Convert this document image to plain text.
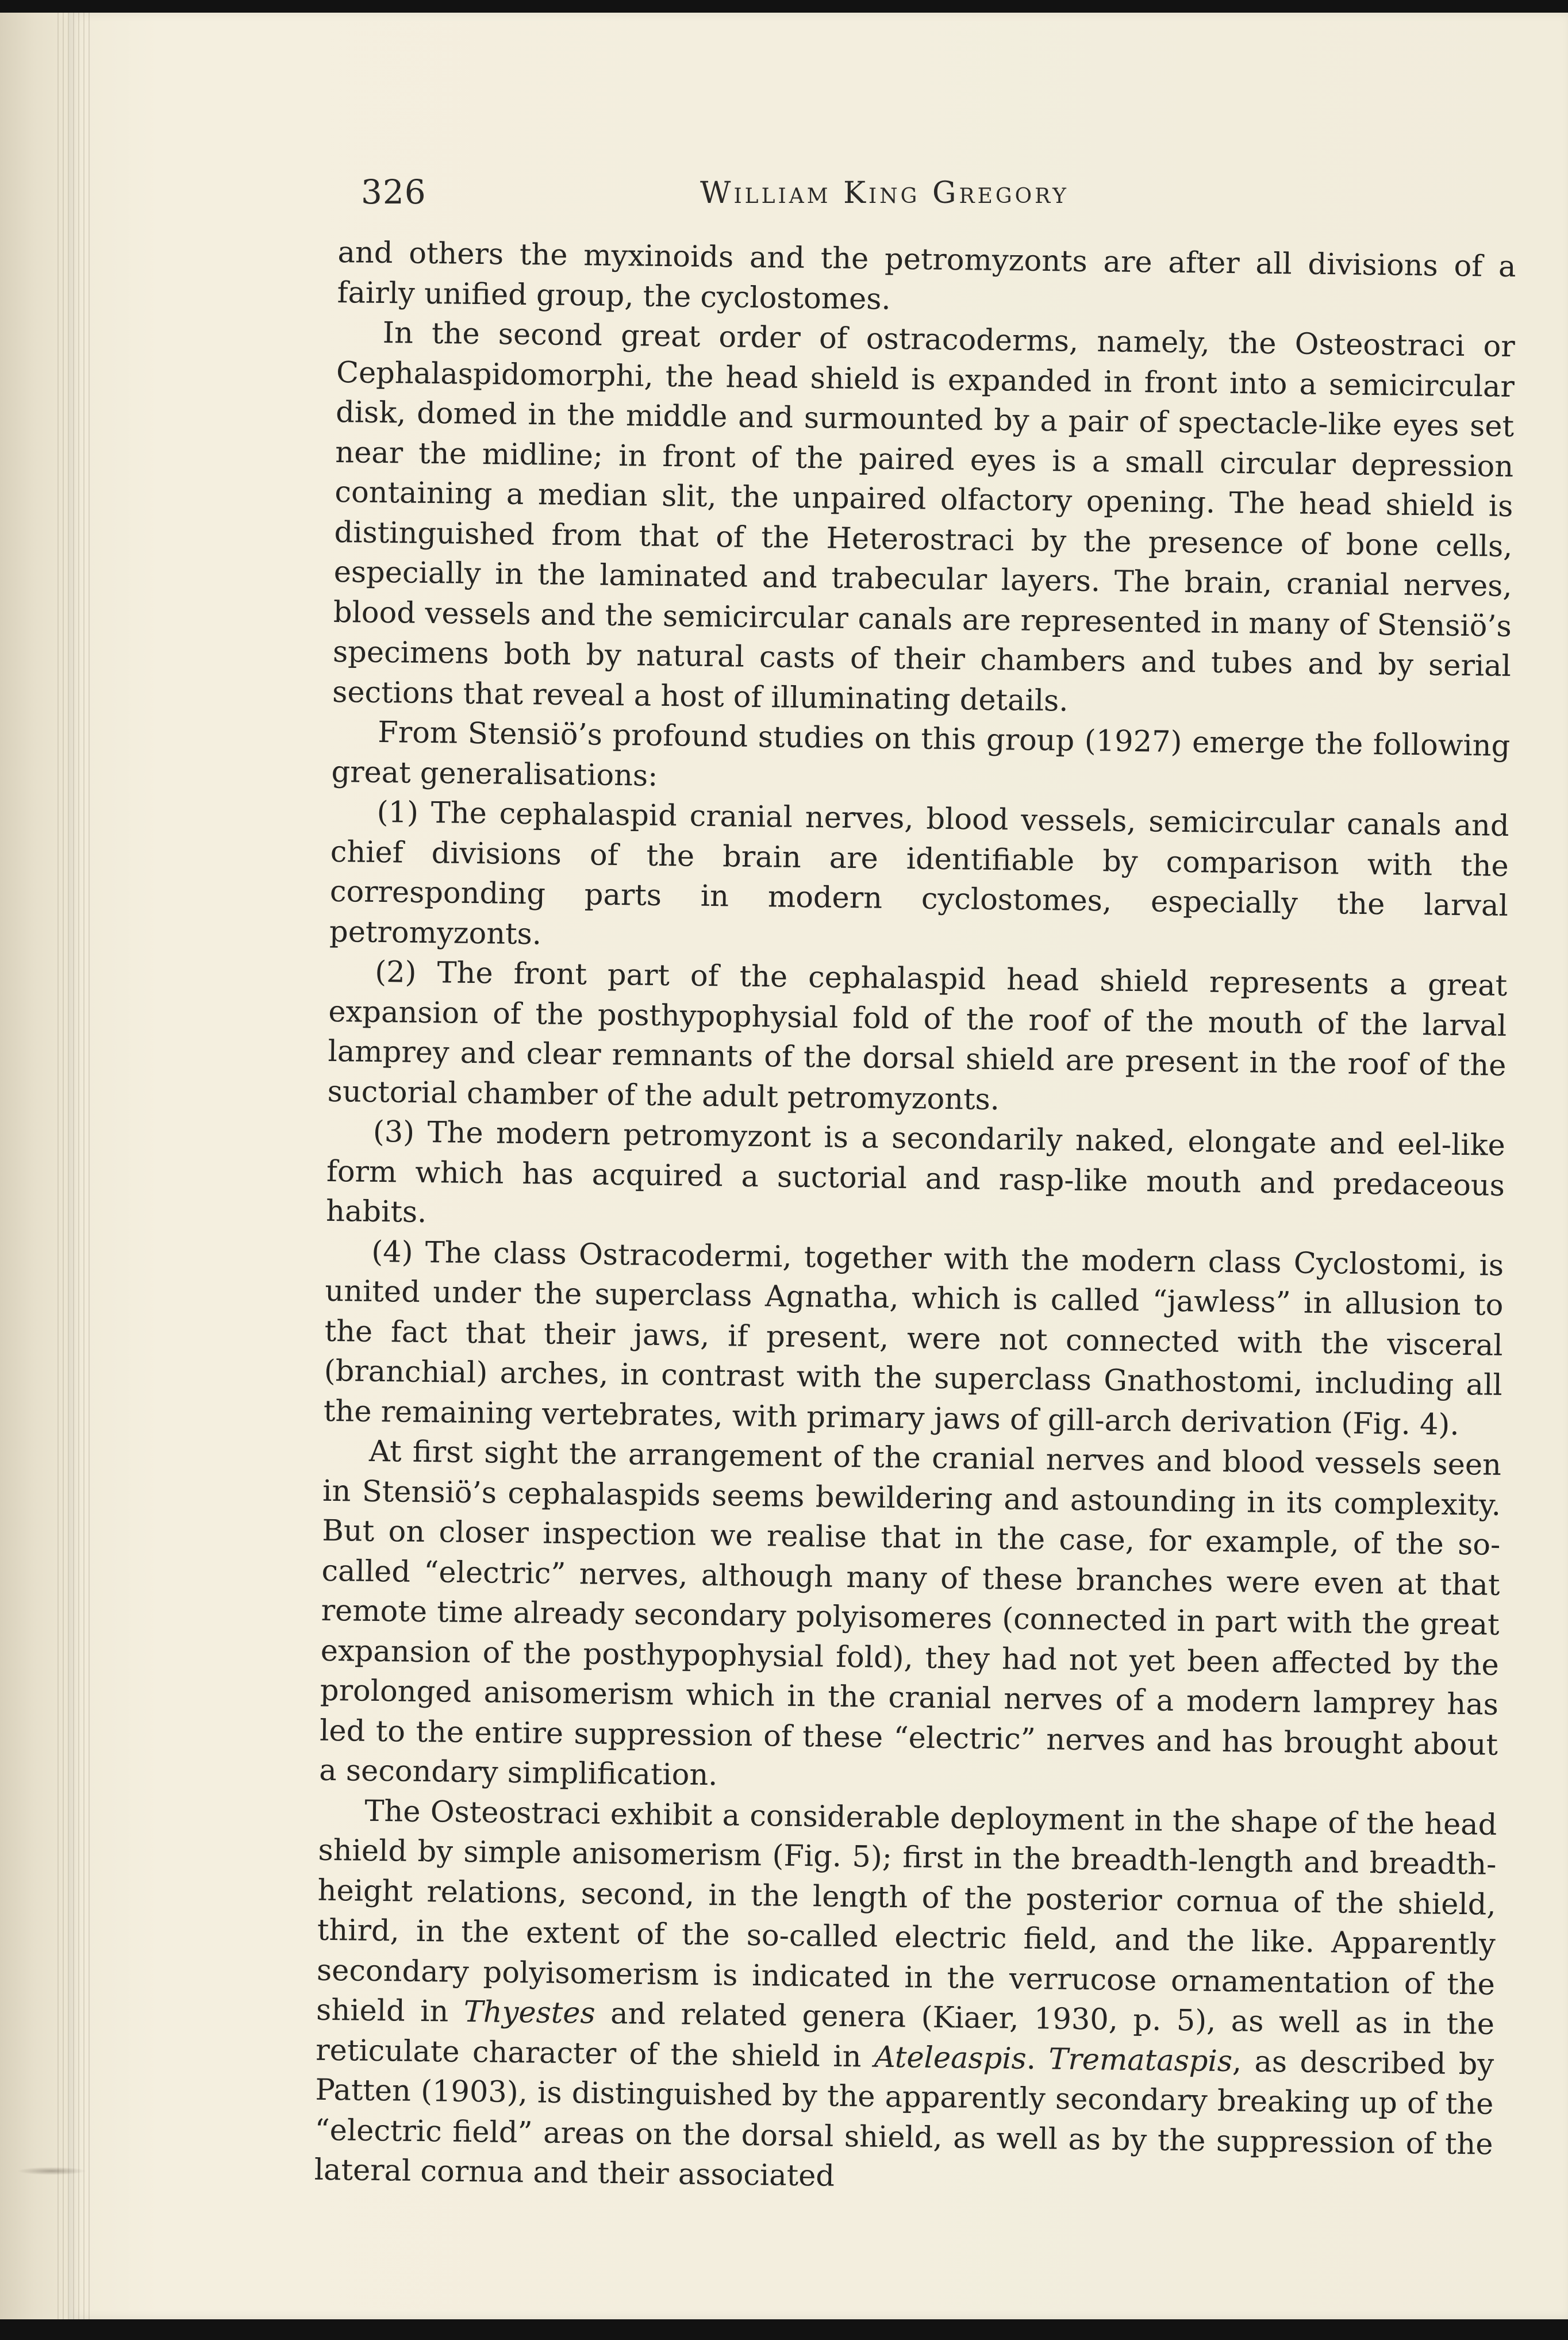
326	William King Gregory

and others the myxinoids and the petromyzonts are after all divisions of a fairly unified group, the cyclostomes.

In the second great order of ostracoderms, namely, the Osteostraci or Cephalaspidomorphi, the head shield is expanded in front into a semicircular disk, domed in the middle and surmounted by a pair of spectacle-like eyes set near the midline; in front of the paired eyes is a small circular depression containing a median slit, the unpaired olfactory opening. The head shield is distinguished from that of the Heterostraci by the presence of bone cells, especially in the laminated and trabecular layers. The brain, cranial nerves, blood vessels and the semicircular canals are represented in many of Stensiö’s specimens both by natural casts of their chambers and tubes and by serial sections that reveal a host of illuminating details.

From Stensiö’s profound studies on this group (1927) emerge the following great generalisations:

(1) The cephalaspid cranial nerves, blood vessels, semicircular canals and chief divisions of the brain are identifiable by comparison with the corresponding parts in modern cyclostomes, especially the larval petromyzonts.

(2) The front part of the cephalaspid head shield represents a great expansion of the posthypophysial fold of the roof of the mouth of the larval lamprey and clear remnants of the dorsal shield are present in the roof of the suctorial chamber of the adult petromyzonts.

(3) The modern petromyzont is a secondarily naked, elongate and eel-like form which has acquired a suctorial and rasp-like mouth and predaceous habits.

(4) The class Ostracodermi, together with the modern class Cyclostomi, is united under the superclass Agnatha, which is called “jawless” in allusion to the fact that their jaws, if present, were not connected with the visceral (branchial) arches, in contrast with the superclass Gnathostomi, including all the remaining vertebrates, with primary jaws of gill-arch derivation (Fig. 4).

At first sight the arrangement of the cranial nerves and blood vessels seen in Stensiö’s cephalaspids seems bewildering and astounding in its complexity. But on closer inspection we realise that in the case, for example, of the so-called “electric” nerves, although many of these branches were even at that remote time already secondary polyisomeres (connected in part with the great expansion of the posthypophysial fold), they had not yet been affected by the prolonged anisomerism which in the cranial nerves of a modern lamprey has led to the entire suppression of these “electric” nerves and has brought about a secondary simplification.

The Osteostraci exhibit a considerable deployment in the shape of the head shield by simple anisomerism (Fig. 5); first in the breadth-length and breadth-height relations, second, in the length of the posterior cornua of the shield, third, in the extent of the so-called electric field, and the like. Apparently secondary polyisomerism is indicated in the verrucose ornamentation of the shield in Thyestes and related genera (Kiaer, 1930, p. 5), as well as in the reticulate character of the shield in Ateleaspis. Tremataspis, as described by Patten (1903), is distinguished by the apparently secondary breaking up of the “electric field” areas on the dorsal shield, as well as by the suppression of the lateral cornua and their associated
